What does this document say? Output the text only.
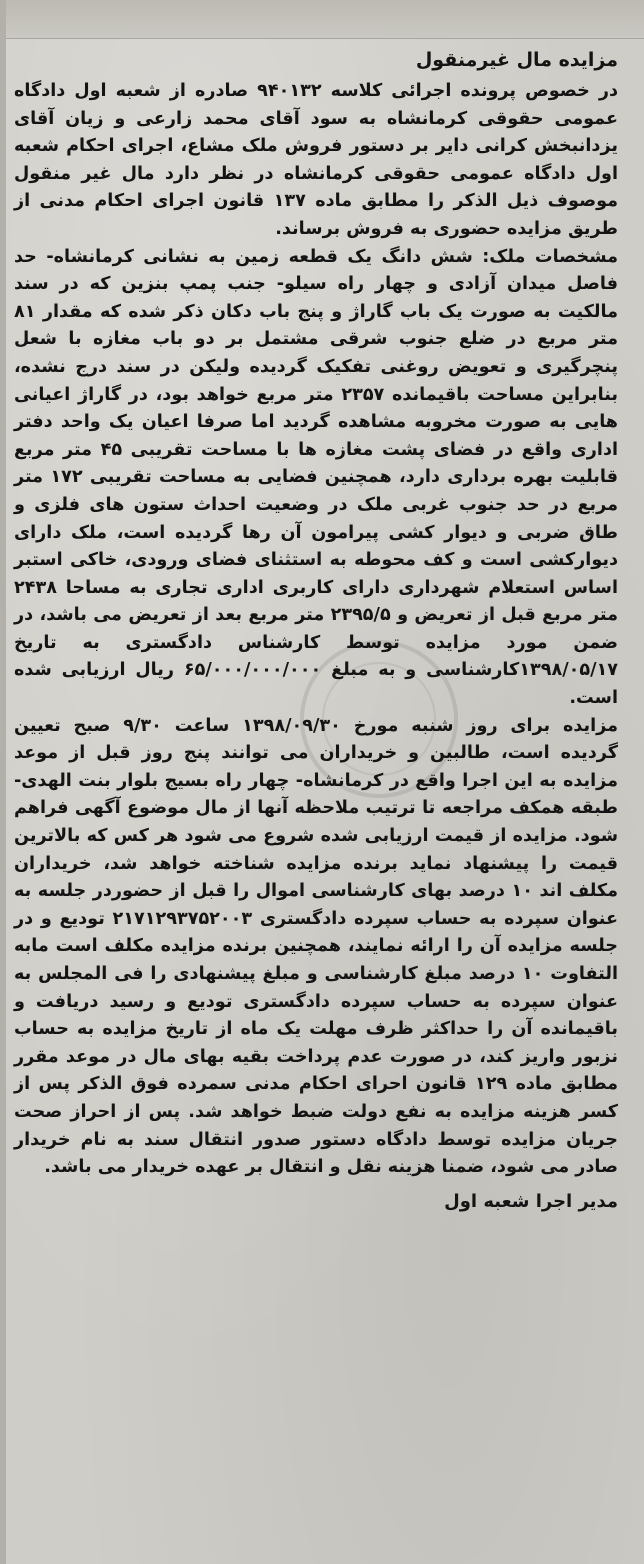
مزایده مال غیرمنقول

در خصوص پرونده اجرائی کلاسه ۹۴۰۱۳۲ صادره از شعبه اول دادگاه عمومی حقوقی کرمانشاه به سود آقای محمد زارعی و زیان آقای یزدانبخش کرانی دایر بر دستور فروش ملک مشاع، اجرای احکام شعبه اول دادگاه عمومی حقوقی کرمانشاه در نظر دارد مال غیر منقول موصوف ذیل الذکر را مطابق ماده ۱۳۷ قانون اجرای احکام مدنی از طریق مزایده حضوری به فروش برساند.

مشخصات ملک: شش دانگ یک قطعه زمین به نشانی کرمانشاه- حد فاصل میدان آزادی و چهار راه سیلو- جنب پمپ بنزین که در سند مالکیت به صورت یک باب گاراژ و پنج باب دکان ذکر شده که مقدار ۸۱ متر مربع در ضلع جنوب شرقی مشتمل بر دو باب مغازه با شعل پنچرگیری و تعویض روغنی تفکیک گردیده ولیکن در سند درج نشده، بنابراین مساحت باقیمانده ۲۳۵۷ متر مربع خواهد بود، در گاراژ اعیانی هایی به صورت مخروبه مشاهده گردید اما صرفا اعیان یک واحد دفتر اداری واقع در فضای پشت مغازه ها با مساحت تقریبی ۴۵ متر مربع قابلیت بهره برداری دارد، همچنین فضایی به مساحت تقریبی ۱۷۲ متر مربع در حد جنوب غربی ملک در وضعیت احداث ستون های فلزی و طاق ضربی و دیوار کشی پیرامون آن رها گردیده است، ملک دارای دیوارکشی است و کف محوطه به استثنای فضای ورودی، خاکی استبر اساس استعلام شهرداری دارای کاربری اداری تجاری به مساحا ۲۴۳۸ متر مربع قبل از تعریض و ۲۳۹۵/۵ متر مربع بعد از تعریض می باشد، در ضمن مورد مزایده توسط کارشناس دادگستری به تاریخ ۱۳۹۸/۰۵/۱۷کارشناسی و به مبلغ ۶۵/۰۰۰/۰۰۰/۰۰۰ ریال ارزیابی شده است.

مزایده برای روز شنبه مورخ ۱۳۹۸/۰۹/۳۰ ساعت ۹/۳۰ صبح تعیین گردیده است، طالبین و خریداران می توانند پنج روز قبل از موعد مزایده به این اجرا واقع در کرمانشاه- چهار راه بسیج بلوار بنت الهدی- طبقه همکف مراجعه تا ترتیب ملاحظه آنها از مال موضوع آگهی فراهم شود. مزایده از قیمت ارزیابی شده شروع می شود هر کس که بالاترین قیمت را پیشنهاد نماید برنده مزایده شناخته خواهد شد، خریداران مکلف اند ۱۰ درصد بهای کارشناسی اموال را قبل از حضوردر جلسه به عنوان سپرده به حساب سپرده دادگستری ۲۱۷۱۲۹۳۷۵۲۰۰۳ توديع و در جلسه مزایده آن را ارائه نمایند، همچنین برنده مزایده مکلف است مابه التفاوت ۱۰ درصد مبلغ کارشناسی و مبلغ پیشنهادی را فی المجلس به عنوان سپرده به حساب سپرده دادگستری تودیع و رسید دریافت و باقیمانده آن را حداکثر ظرف مهلت یک ماه از تاریخ مزایده به حساب نزبور واریز کند، در صورت عدم پرداخت بقیه بهای مال در موعد مقرر مطابق ماده ۱۲۹ قانون احرای احکام مدنی سمرده فوق الذکر پس از کسر هزینه مزایده به نفع دولت ضبط خواهد شد. پس از احراز صحت جریان مزایده توسط دادگاه دستور صدور انتقال سند به نام خریدار صادر می شود، ضمنا هزینه نقل و انتقال بر عهده خریدار می باشد.

مدیر اجرا شعبه اول
